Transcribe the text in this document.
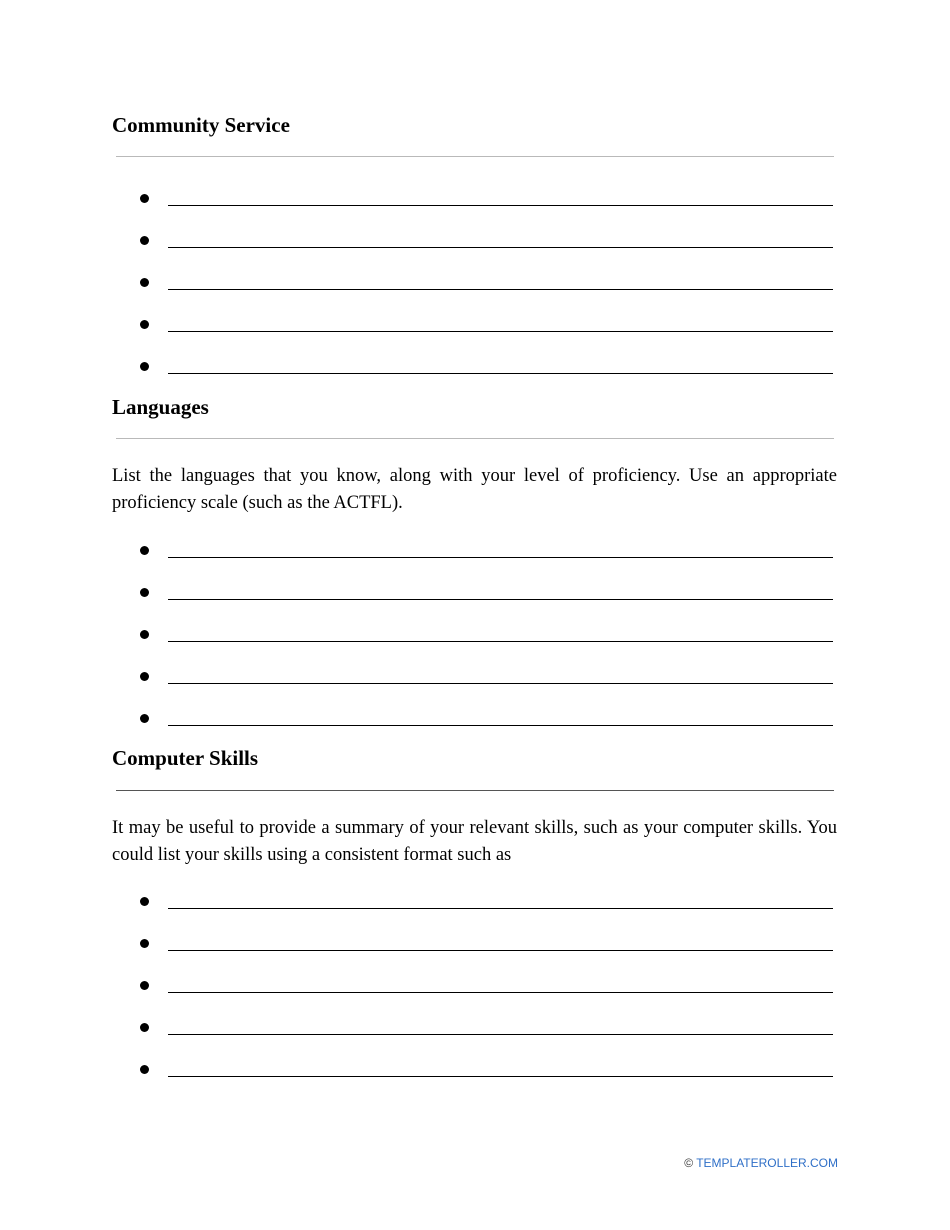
Community Service
Languages

List the languages that you know, along with your level of proficiency. Use an appropriate proficiency scale (such as the ACTFL).

Computer Skills

It may be useful to provide a summary of your relevant skills, such as your computer skills. You could list your skills using a consistent format such as

© TEMPLATEROLLER.COM
